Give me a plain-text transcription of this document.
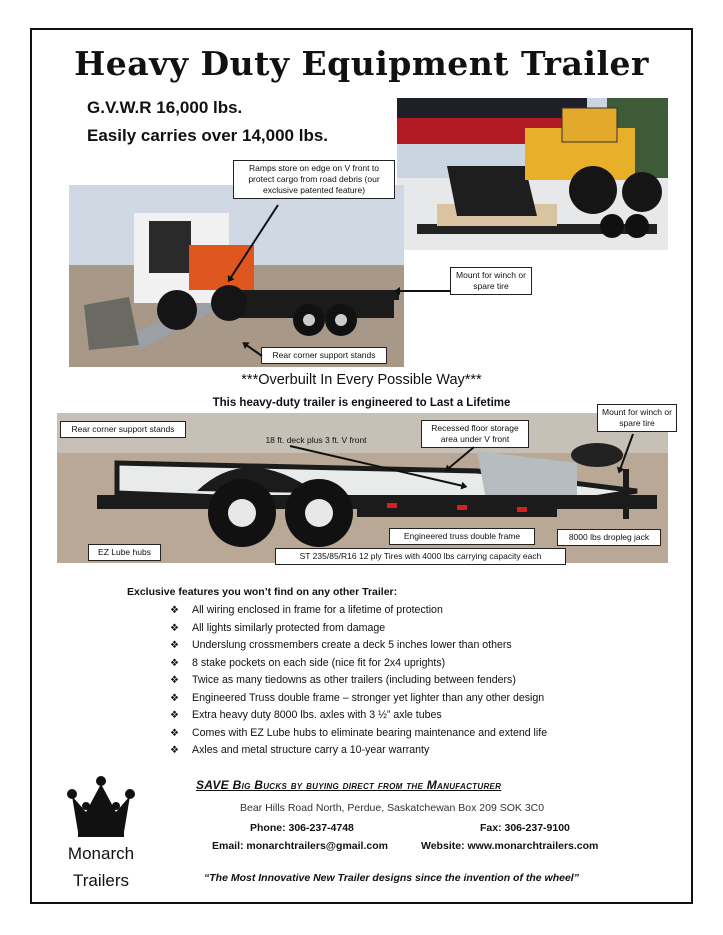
Heavy Duty Equipment Trailer
G.V.W.R 16,000 lbs.
Easily carries over 14,000 lbs.
Ramps store on edge on V front to protect cargo from road debris (our exclusive patented feature)
Mount for winch or spare tire
Rear corner support stands
***Overbuilt In Every Possible Way***
This heavy-duty trailer is engineered to Last a Lifetime
Rear corner support stands
18 ft. deck plus 3 ft. V front
Recessed floor storage area under V front
Mount for winch or spare tire
Engineered truss double frame	8000 lbs dropleg jack
EZ Lube hubs	ST 235/85/R16 12 ply Tires with 4000 lbs carrying capacity each
Exclusive features you won’t find on any other Trailer:
❖ All wiring enclosed in frame for a lifetime of protection
❖ All lights similarly protected from damage
❖ Underslung crossmembers create a deck 5 inches lower than others
❖ 8 stake pockets on each side (nice fit for 2x4 uprights)
❖ Twice as many tiedowns as other trailers (including between fenders)
❖ Engineered Truss double frame – stronger yet lighter than any other design
❖ Extra heavy duty 8000 lbs. axles with 3 ½” axle tubes
❖ Comes with EZ Lube hubs to eliminate bearing maintenance and extend life
❖ Axles and metal structure carry a 10-year warranty
Monarch
Trailers
SAVE Big Bucks by buying direct from the Manufacturer
Bear Hills Road North, Perdue, Saskatchewan Box 209 SOK 3C0
Phone: 306-237-4748	Fax: 306-237-9100
Email: monarchtrailers@gmail.com	Website: www.monarchtrailers.com
“The Most Innovative New Trailer designs since the invention of the wheel”
